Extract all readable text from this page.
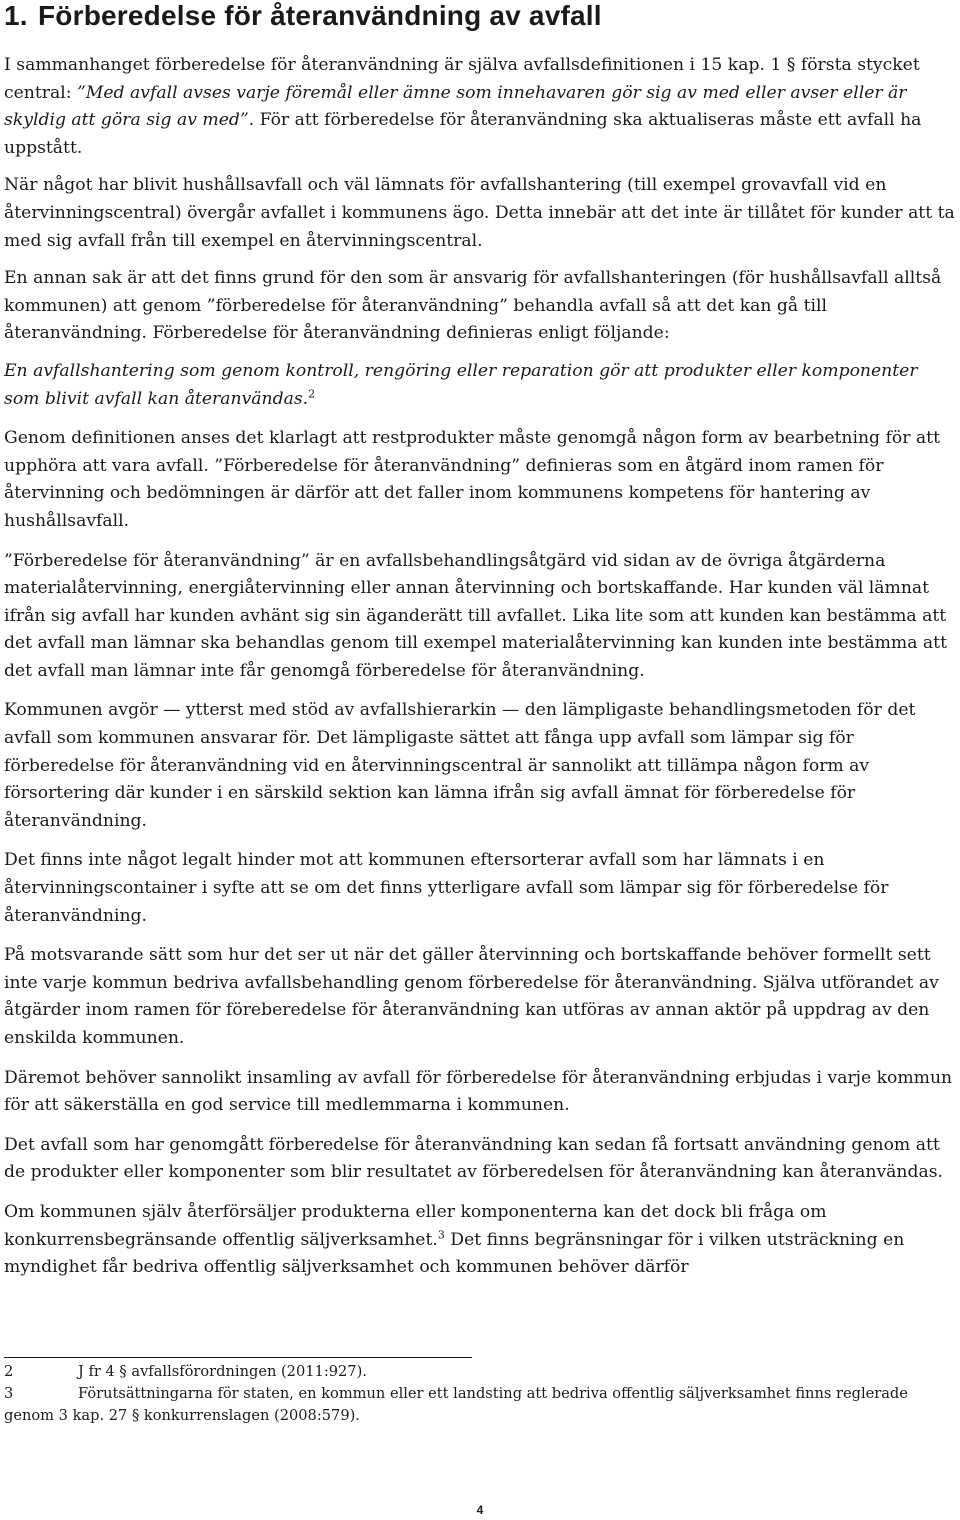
1. Förberedelse för återanvändning av avfall

I sammanhanget förberedelse för återanvändning är själva avfallsdefinitionen i 15 kap. 1 § första stycket central: ”Med avfall avses varje föremål eller ämne som innehavaren gör sig av med eller avser eller är skyldig att göra sig av med”. För att förberedelse för återanvändning ska aktualiseras måste ett avfall ha uppstått.

När något har blivit hushållsavfall och väl lämnats för avfallshantering (till exempel grovavfall vid en återvinningscentral) övergår avfallet i kommunens ägo. Detta innebär att det inte är tillåtet för kunder att ta med sig avfall från till exempel en återvinningscentral.

En annan sak är att det finns grund för den som är ansvarig för avfallshanteringen (för hushållsavfall alltså kommunen) att genom ”förberedelse för återanvändning” behandla avfall så att det kan gå till återanvändning. Förberedelse för återanvändning definieras enligt följande:

En avfallshantering som genom kontroll, rengöring eller reparation gör att produkter eller komponenter som blivit avfall kan återanvändas.$^2$

Genom definitionen anses det klarlagt att restprodukter måste genomgå någon form av bearbetning för att upphöra att vara avfall. ”Förberedelse för återanvändning” definieras som en åtgärd inom ramen för återvinning och bedömningen är därför att det faller inom kommunens kompetens för hantering av hushållsavfall.

”Förberedelse för återanvändning” är en avfallsbehandlingsåtgärd vid sidan av de övriga åtgärderna materialåtervinning, energiåtervinning eller annan återvinning och bortskaffande. Har kunden väl lämnat ifrån sig avfall har kunden avhänt sig sin äganderätt till avfallet. Lika lite som att kunden kan bestämma att det avfall man lämnar ska behandlas genom till exempel materialåtervinning kan kunden inte bestämma att det avfall man lämnar inte får genomgå förberedelse för återanvändning.

Kommunen avgör — ytterst med stöd av avfallshierarkin — den lämpligaste behandlingsmetoden för det avfall som kommunen ansvarar för. Det lämpligaste sättet att fånga upp avfall som lämpar sig för förberedelse för återanvändning vid en återvinningscentral är sannolikt att tillämpa någon form av försortering där kunder i en särskild sektion kan lämna ifrån sig avfall ämnat för förberedelse för återanvändning.

Det finns inte något legalt hinder mot att kommunen eftersorterar avfall som har lämnats i en återvinningscontainer i syfte att se om det finns ytterligare avfall som lämpar sig för förberedelse för återanvändning.

På motsvarande sätt som hur det ser ut när det gäller återvinning och bortskaffande behöver formellt sett inte varje kommun bedriva avfallsbehandling genom förberedelse för återanvändning. Själva utförandet av åtgärder inom ramen för föreberedelse för återanvändning kan utföras av annan aktör på uppdrag av den enskilda kommunen.

Däremot behöver sannolikt insamling av avfall för förberedelse för återanvändning erbjudas i varje kommun för att säkerställa en god service till medlemmarna i kommunen.

Det avfall som har genomgått förberedelse för återanvändning kan sedan få fortsatt användning genom att de produkter eller komponenter som blir resultatet av förberedelsen för återanvändning kan återanvändas.

Om kommunen själv återförsäljer produkterna eller komponenterna kan det dock bli fråga om konkurrensbegränsande offentlig säljverksamhet.$^3$ Det finns begränsningar för i vilken utsträckning en myndighet får bedriva offentlig säljverksamhet och kommunen behöver därför

2	J fr 4 § avfallsförordningen (2011:927).

3	Förutsättningarna för staten, en kommun eller ett landsting att bedriva offentlig säljverksamhet finns reglerade genom 3 kap. 27 § konkurrenslagen (2008:579).

4
